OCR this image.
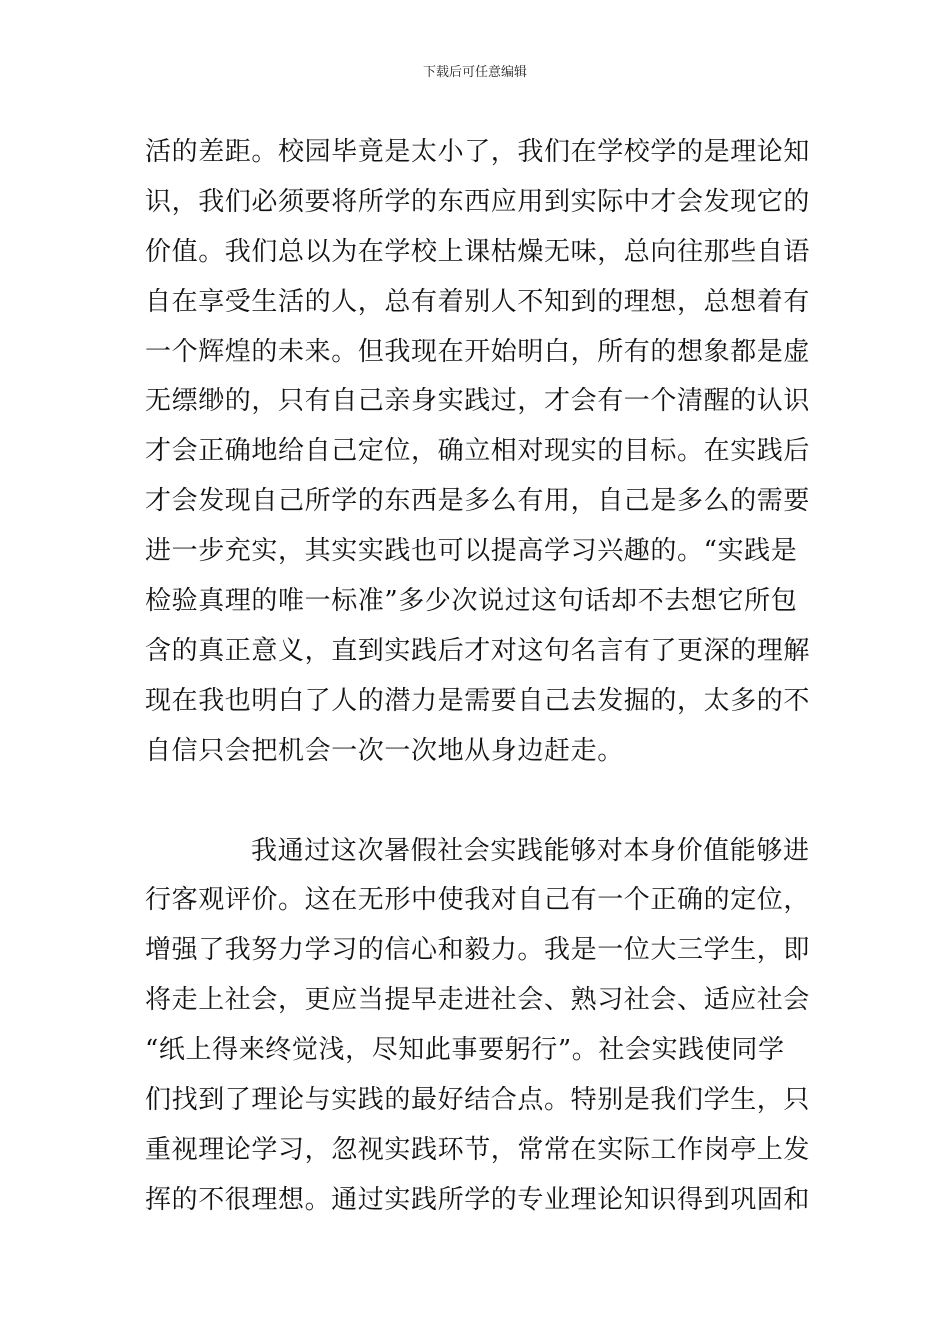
下载后可任意编辑
活的差距。校园毕竟是太小了，我们在学校学的是理论知
识，我们必须要将所学的东西应用到实际中才会发现它的
价值。我们总以为在学校上课枯燥无味，总向往那些自语
自在享受生活的人，总有着别人不知到的理想，总想着有
一个辉煌的未来。但我现在开始明白，所有的想象都是虚
无缥缈的，只有自己亲身实践过，才会有一个清醒的认识
才会正确地给自己定位，确立相对现实的目标。在实践后
才会发现自己所学的东西是多么有用，自己是多么的需要
进一步充实，其实实践也可以提高学习兴趣的。“实践是
检验真理的唯一标准”多少次说过这句话却不去想它所包
含的真正意义，直到实践后才对这句名言有了更深的理解
现在我也明白了人的潜力是需要自己去发掘的，太多的不
自信只会把机会一次一次地从身边赶走。
我通过这次暑假社会实践能够对本身价值能够进
行客观评价。这在无形中使我对自己有一个正确的定位，
增强了我努力学习的信心和毅力。我是一位大三学生，即
将走上社会，更应当提早走进社会、熟习社会、适应社会
“纸上得来终觉浅，尽知此事要躬行”。社会实践使同学
们找到了理论与实践的最好结合点。特别是我们学生，只
重视理论学习，忽视实践环节，常常在实际工作岗亭上发
挥的不很理想。通过实践所学的专业理论知识得到巩固和
